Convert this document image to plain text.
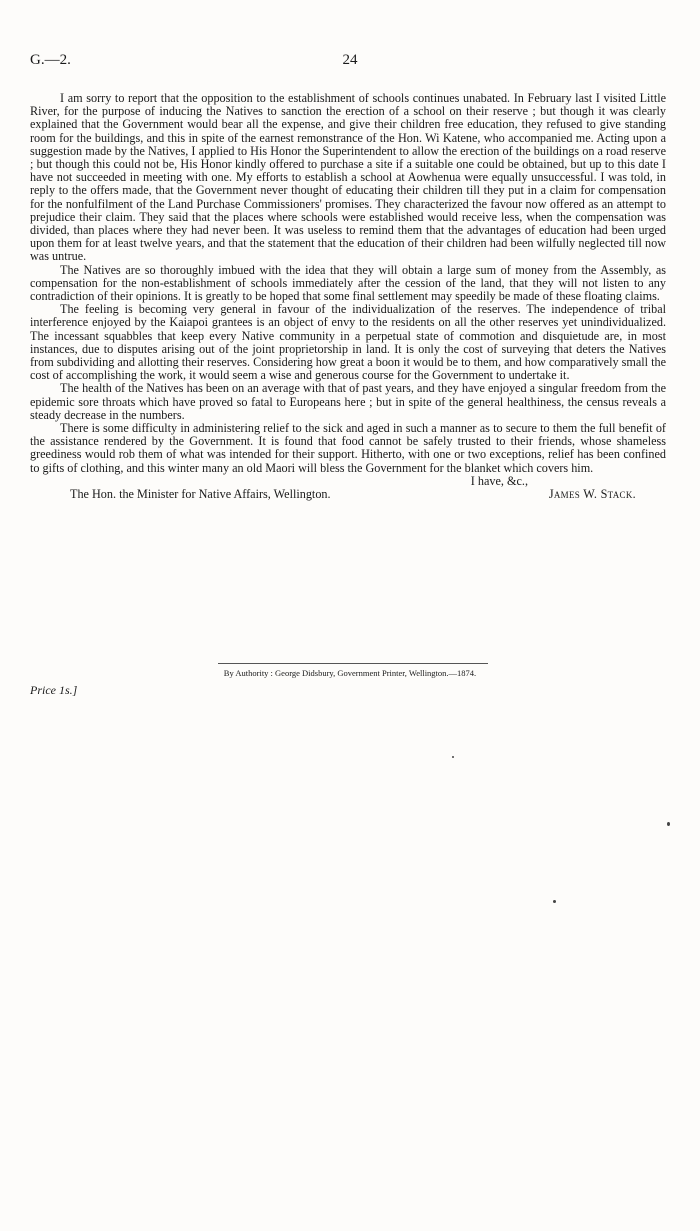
G.—2.	24

I am sorry to report that the opposition to the establishment of schools continues unabated. In February last I visited Little River, for the purpose of inducing the Natives to sanction the erection of a school on their reserve ; but though it was clearly explained that the Government would bear all the expense, and give their children free education, they refused to give standing room for the buildings, and this in spite of the earnest remonstrance of the Hon. Wi Katene, who accompanied me. Acting upon a suggestion made by the Natives, I applied to His Honor the Superintendent to allow the erection of the buildings on a road reserve ; but though this could not be, His Honor kindly offered to purchase a site if a suitable one could be obtained, but up to this date I have not succeeded in meeting with one. My efforts to establish a school at Aowhenua were equally unsuccessful. I was told, in reply to the offers made, that the Government never thought of educating their children till they put in a claim for compensation for the nonfulfilment of the Land Purchase Commissioners' promises. They characterized the favour now offered as an attempt to prejudice their claim. They said that the places where schools were established would receive less, when the compensation was divided, than places where they had never been. It was useless to remind them that the advantages of education had been urged upon them for at least twelve years, and that the statement that the education of their children had been wilfully neglected till now was untrue.

The Natives are so thoroughly imbued with the idea that they will obtain a large sum of money from the Assembly, as compensation for the non-establishment of schools immediately after the cession of the land, that they will not listen to any contradiction of their opinions. It is greatly to be hoped that some final settlement may speedily be made of these floating claims.

The feeling is becoming very general in favour of the individualization of the reserves. The independence of tribal interference enjoyed by the Kaiapoi grantees is an object of envy to the residents on all the other reserves yet unindividualized. The incessant squabbles that keep every Native community in a perpetual state of commotion and disquietude are, in most instances, due to disputes arising out of the joint proprietorship in land. It is only the cost of surveying that deters the Natives from subdividing and allotting their reserves. Considering how great a boon it would be to them, and how comparatively small the cost of accomplishing the work, it would seem a wise and generous course for the Government to undertake it.

The health of the Natives has been on an average with that of past years, and they have enjoyed a singular freedom from the epidemic sore throats which have proved so fatal to Europeans here ; but in spite of the general healthiness, the census reveals a steady decrease in the numbers.

There is some difficulty in administering relief to the sick and aged in such a manner as to secure to them the full benefit of the assistance rendered by the Government. It is found that food cannot be safely trusted to their friends, whose shameless greediness would rob them of what was intended for their support. Hitherto, with one or two exceptions, relief has been confined to gifts of clothing, and this winter many an old Maori will bless the Government for the blanket which covers him.

I have, &c.,
The Hon. the Minister for Native Affairs, Wellington.	James W. Stack.
By Authority : George Didsbury, Government Printer, Wellington.—1874.
Price 1s.]
